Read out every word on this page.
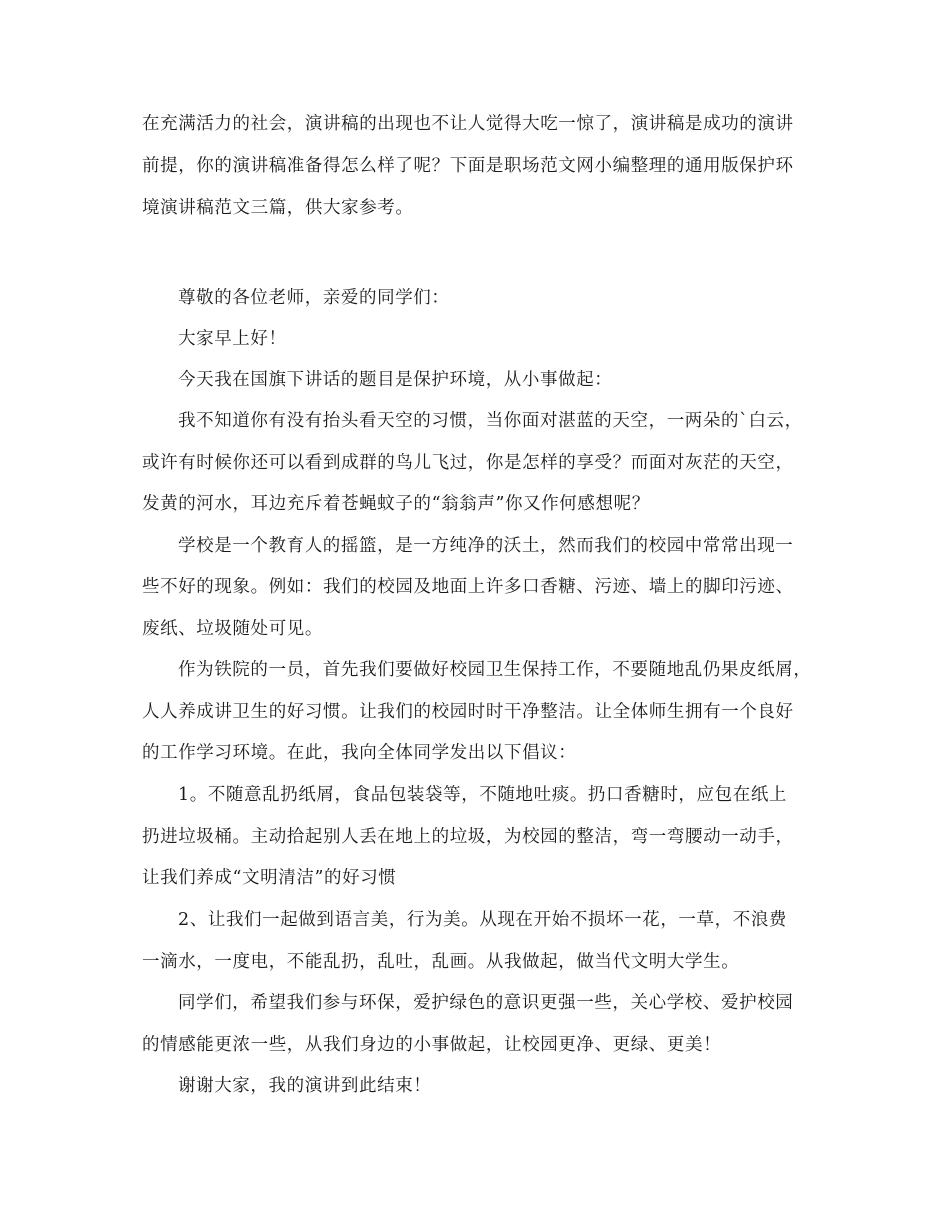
在充满活力的社会，演讲稿的出现也不让人觉得大吃一惊了，演讲稿是成功的演讲
前提，你的演讲稿准备得怎么样了呢？下面是职场范文网小编整理的通用版保护环
境演讲稿范文三篇，供大家参考。
尊敬的各位老师，亲爱的同学们：
大家早上好！
今天我在国旗下讲话的题目是保护环境，从小事做起：
我不知道你有没有抬头看天空的习惯，当你面对湛蓝的天空，一两朵的`白云，
或许有时候你还可以看到成群的鸟儿飞过，你是怎样的享受？而面对灰茫的天空，
发黄的河水，耳边充斥着苍蝇蚊子的“翁翁声”你又作何感想呢？
学校是一个教育人的摇篮，是一方纯净的沃土，然而我们的校园中常常出现一
些不好的现象。例如：我们的校园及地面上许多口香糖、污迹、墙上的脚印污迹、
废纸、垃圾随处可见。
作为铁院的一员，首先我们要做好校园卫生保持工作，不要随地乱仍果皮纸屑，
人人养成讲卫生的好习惯。让我们的校园时时干净整洁。让全体师生拥有一个良好
的工作学习环境。在此，我向全体同学发出以下倡议：
1。不随意乱扔纸屑，食品包装袋等，不随地吐痰。扔口香糖时，应包在纸上
扔进垃圾桶。主动拾起别人丢在地上的垃圾，为校园的整洁，弯一弯腰动一动手，
让我们养成“文明清洁”的好习惯
2、让我们一起做到语言美，行为美。从现在开始不损坏一花，一草，不浪费
一滴水，一度电，不能乱扔，乱吐，乱画。从我做起，做当代文明大学生。
同学们，希望我们参与环保，爱护绿色的意识更强一些，关心学校、爱护校园
的情感能更浓一些，从我们身边的小事做起，让校园更净、更绿、更美！
谢谢大家，我的演讲到此结束！
